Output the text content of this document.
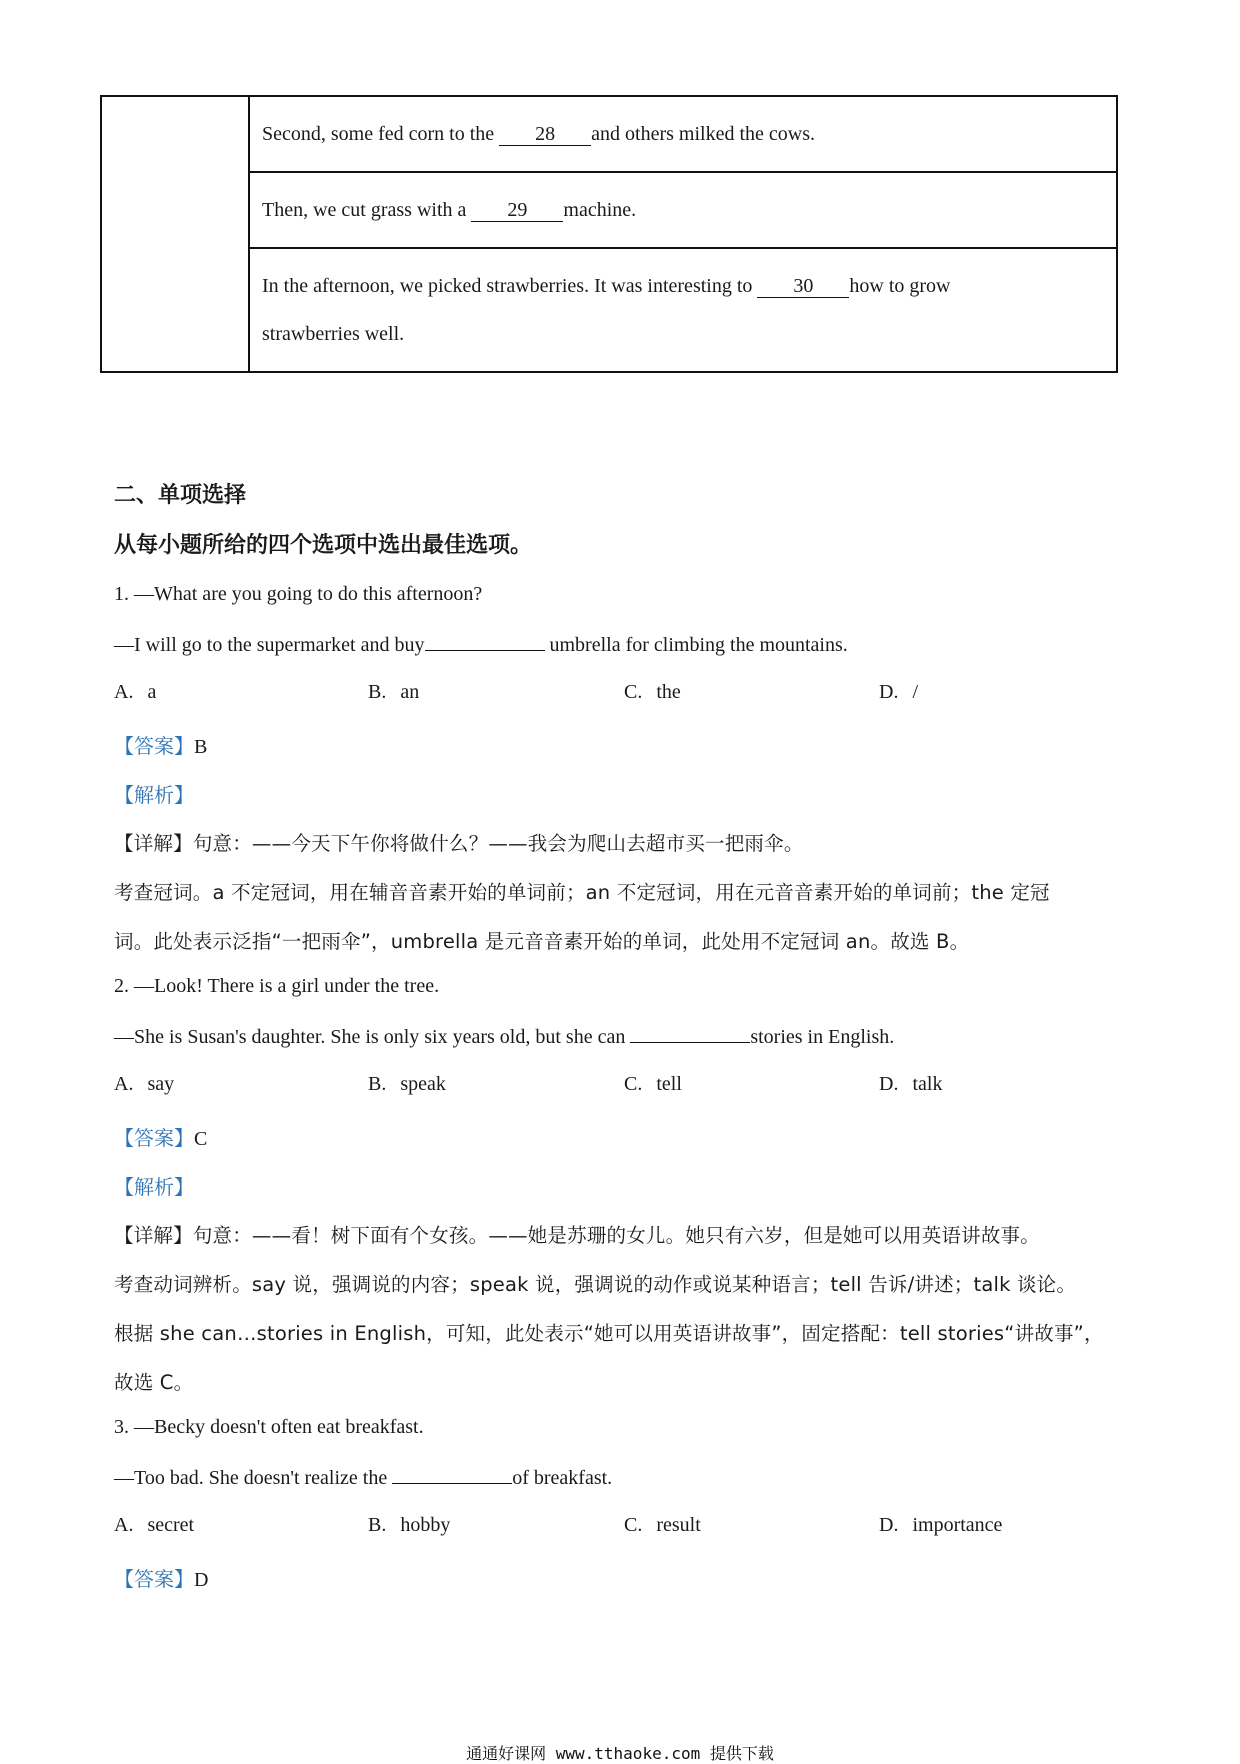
	Second, some fed corn to the 28 and others milked the cows.
Then, we cut grass with a 29 machine.
In the afternoon, we picked strawberries. It was interesting to 30 how to grow
strawberries well.
二、单项选择
从每小题所给的四个选项中选出最佳选项。
1. —What are you going to do this afternoon?
—I will go to the supermarket and buy	umbrella for climbing the mountains.
A. a	B. an	C. the	D. /
【答案】B
【解析】
【详解】句意：——今天下午你将做什么？——我会为爬山去超市买一把雨伞。
考查冠词。a 不定冠词，用在辅音音素开始的单词前；an 不定冠词，用在元音音素开始的单词前；the 定冠
词。此处表示泛指“一把雨伞”，umbrella 是元音音素开始的单词，此处用不定冠词 an。故选 B。
2. —Look! There is a girl under the tree.
—She is Susan's daughter. She is only six years old, but she can	stories in English.
A. say	B. speak	C. tell	D. talk
【答案】C
【解析】
【详解】句意：——看！树下面有个女孩。——她是苏珊的女儿。她只有六岁，但是她可以用英语讲故事。
考查动词辨析。say 说，强调说的内容；speak 说，强调说的动作或说某种语言；tell 告诉/讲述；talk 谈论。
根据 she can…stories in English，可知，此处表示“她可以用英语讲故事”，固定搭配：tell stories“讲故事”，
故选 C。
3. —Becky doesn't often eat breakfast.
—Too bad. She doesn't realize the	of breakfast.
A. secret	B. hobby	C. result	D. importance
【答案】D
通通好课网 www.tthaoke.com 提供下载
